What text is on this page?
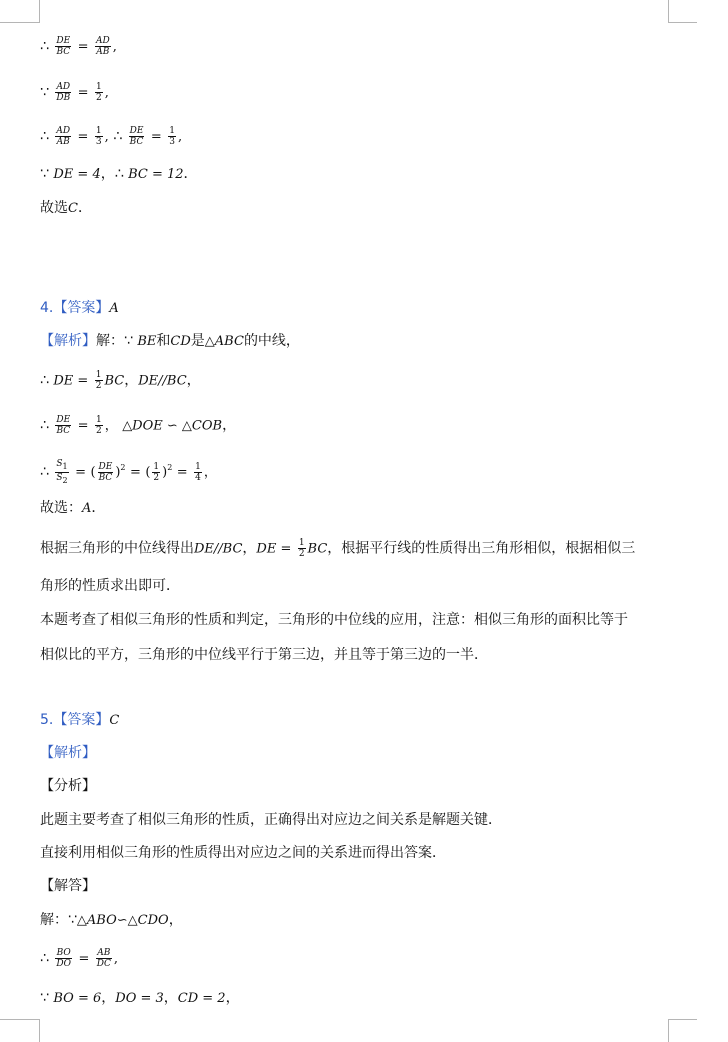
∴ $\frac{DE}{BC} = \frac{AD}{AB}$ ,
∵ $\frac{AD}{DB} = \frac{1}{2}$ ,
∴ $\frac{AD}{AB} = \frac{1}{3}$ , ∴ $\frac{DE}{BC} = \frac{1}{3}$ ,
∵ DE = 4，∴ BC = 12．
故选C．
4.【答案】A
【解析】解：∵ BE和CD是△ABC的中线，
∴ DE = $\frac{1}{2}$ BC，DE//BC，
∴ $\frac{DE}{BC} = \frac{1}{2}$ ， △DOE ∽ △COB，
∴ $\frac{S1}{S2}$ = ( $\frac{DE}{BC} )^2$ = ( $\frac{1}{2} )^2 = \frac{1}{4}$ ，
故选：A．
根据三角形的中位线得出DE//BC，DE = $\frac{1}{2}$ BC，根据平行线的性质得出三角形相似，根据相似三
角形的性质求出即可．
本题考查了相似三角形的性质和判定，三角形的中位线的应用，注意：相似三角形的面积比等于
相似比的平方，三角形的中位线平行于第三边，并且等于第三边的一半．
5.【答案】C
【解析】
【分析】
此题主要考查了相似三角形的性质，正确得出对应边之间关系是解题关键．
直接利用相似三角形的性质得出对应边之间的关系进而得出答案．
【解答】
解：∵△ABO∽△CDO，
∴ $\frac{BO}{DO} = \frac{AB}{DC}$ ,
∵ BO = 6，DO = 3，CD = 2，
